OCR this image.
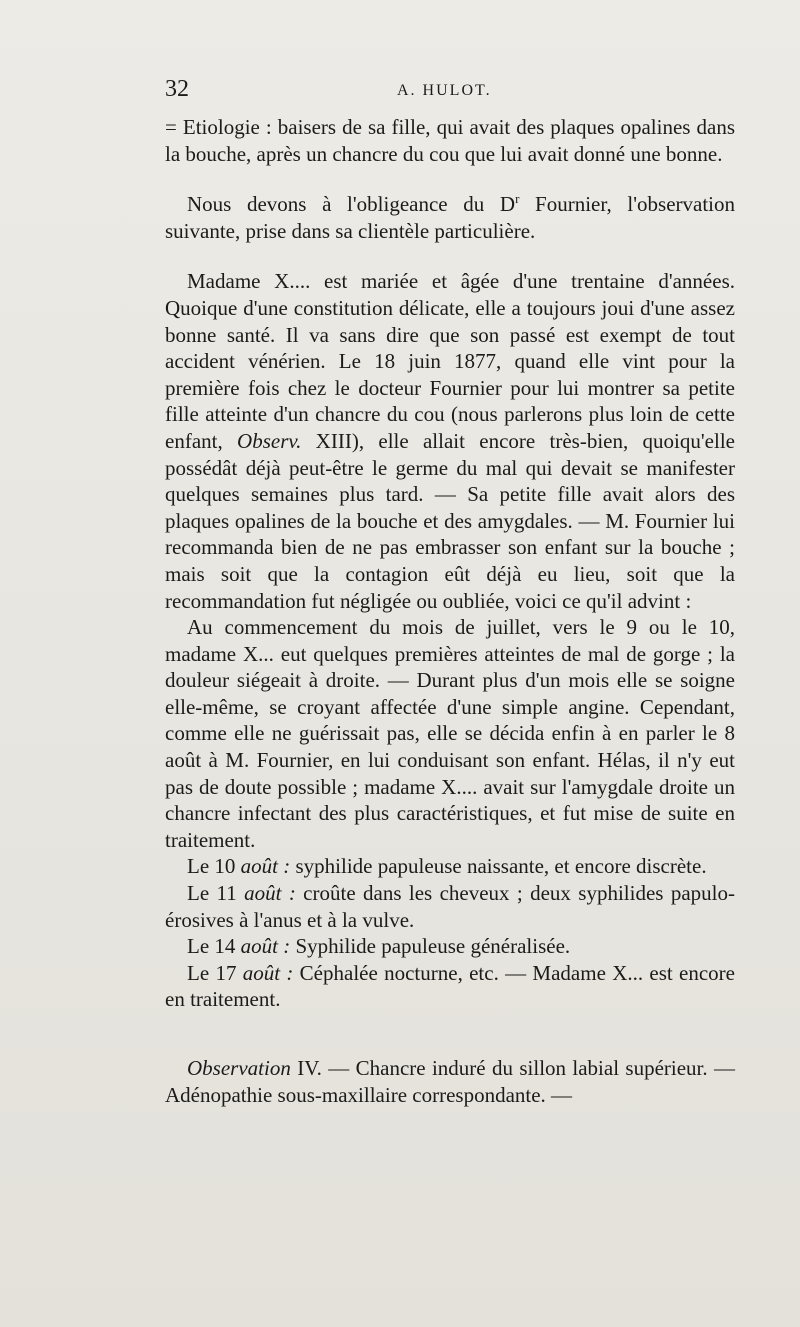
32	A. HULOT.

= Etiologie : baisers de sa fille, qui avait des plaques opalines dans la bouche, après un chancre du cou que lui avait donné une bonne.

Nous devons à l'obligeance du $D^r$ Fournier, l'observation suivante, prise dans sa clientèle particulière.

Madame X.... est mariée et âgée d'une trentaine d'années. Quoique d'une constitution délicate, elle a toujours joui d'une assez bonne santé. Il va sans dire que son passé est exempt de tout accident vénérien. Le 18 juin 1877, quand elle vint pour la première fois chez le docteur Fournier pour lui montrer sa petite fille atteinte d'un chancre du cou (nous parlerons plus loin de cette enfant, Observ. XIII), elle allait encore très-bien, quoiqu'elle possédât déjà peut-être le germe du mal qui devait se manifester quelques semaines plus tard. — Sa petite fille avait alors des plaques opalines de la bouche et des amygdales. — M. Fournier lui recommanda bien de ne pas embrasser son enfant sur la bouche ; mais soit que la contagion eût déjà eu lieu, soit que la recommandation fut négligée ou oubliée, voici ce qu'il advint :

Au commencement du mois de juillet, vers le 9 ou le 10, madame X... eut quelques premières atteintes de mal de gorge ; la douleur siégeait à droite. — Durant plus d'un mois elle se soigne elle-même, se croyant affectée d'une simple angine. Cependant, comme elle ne guérissait pas, elle se décida enfin à en parler le 8 août à M. Fournier, en lui conduisant son enfant. Hélas, il n'y eut pas de doute possible ; madame X.... avait sur l'amygdale droite un chancre infectant des plus caractéristiques, et fut mise de suite en traitement.

Le 10 août : syphilide papuleuse naissante, et encore discrète.

Le 11 août : croûte dans les cheveux ; deux syphilides papulo-érosives à l'anus et à la vulve.

Le 14 août : Syphilide papuleuse généralisée.

Le 17 août : Céphalée nocturne, etc. — Madame X... est encore en traitement.

Observation IV. — Chancre induré du sillon labial supérieur. — Adénopathie sous-maxillaire correspondante. —
